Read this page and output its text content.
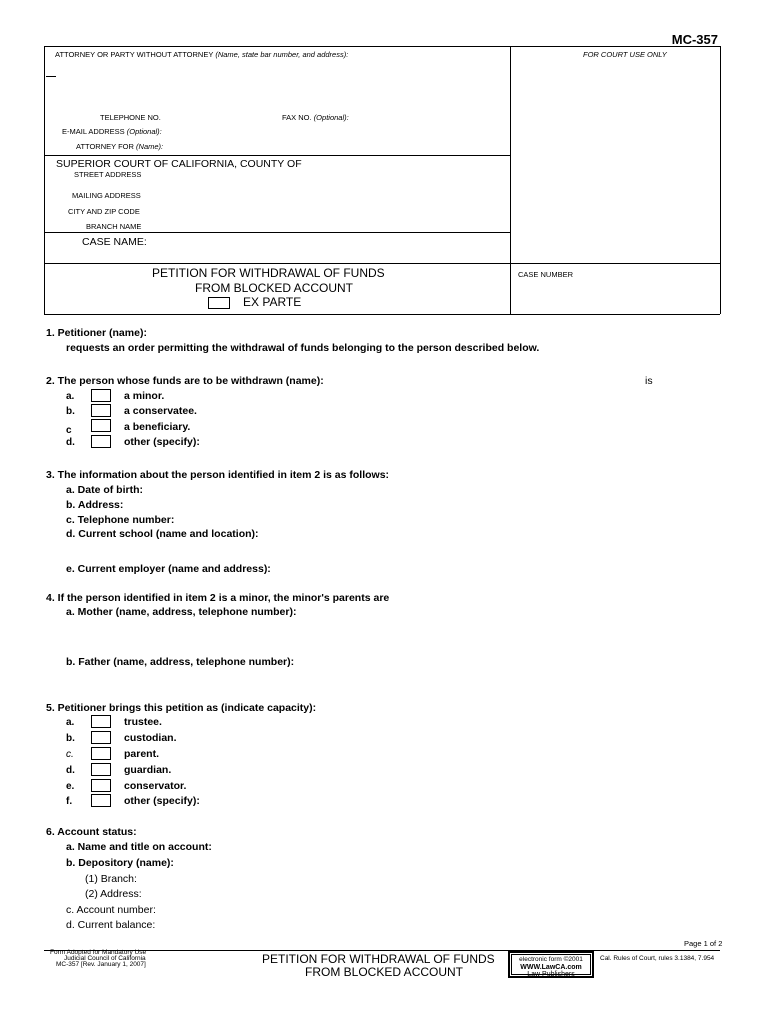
MC-357
ATTORNEY OR PARTY WITHOUT ATTORNEY (Name, state bar number, and address):	FOR COURT USE ONLY
TELEPHONE NO.	FAX NO. (Optional):
E-MAIL ADDRESS (Optional):
ATTORNEY FOR (Name):
SUPERIOR COURT OF CALIFORNIA, COUNTY OF
STREET ADDRESS
MAILING ADDRESS
CITY AND ZIP CODE
BRANCH NAME
CASE NAME:
PETITION FOR WITHDRAWAL OF FUNDS
FROM BLOCKED ACCOUNT
EX PARTE
CASE NUMBER
1. Petitioner (name):
requests an order permitting the withdrawal of funds belonging to the person described below.
2. The person whose funds are to be withdrawn (name):	is
a.	a minor.
b.	a conservatee.
c	a beneficiary.
d.	other (specify):
3. The information about the person identified in item 2 is as follows:
a. Date of birth:
b. Address:
c. Telephone number:
d. Current school (name and location):
e. Current employer (name and address):
4. If the person identified in item 2 is a minor, the minor's parents are
a. Mother (name, address, telephone number):
b. Father (name, address, telephone number):
5. Petitioner brings this petition as (indicate capacity):
a.	trustee.
b.	custodian.
c.	parent.
d.	guardian.
e.	conservator.
f.	other (specify):
6. Account status:
a. Name and title on account:
b. Depository (name):
(1) Branch:
(2) Address:
c. Account number:
d. Current balance:
Page 1 of 2
Form Adopted for Mandatory Use
Judicial Council of California
MC-357 [Rev. January 1, 2007]	PETITION FOR WITHDRAWAL OF FUNDS
FROM BLOCKED ACCOUNT
electronic form ©2001
WWW.LawCA.com
Law Publishers
Cal. Rules of Court, rules 3.1384, 7.954
